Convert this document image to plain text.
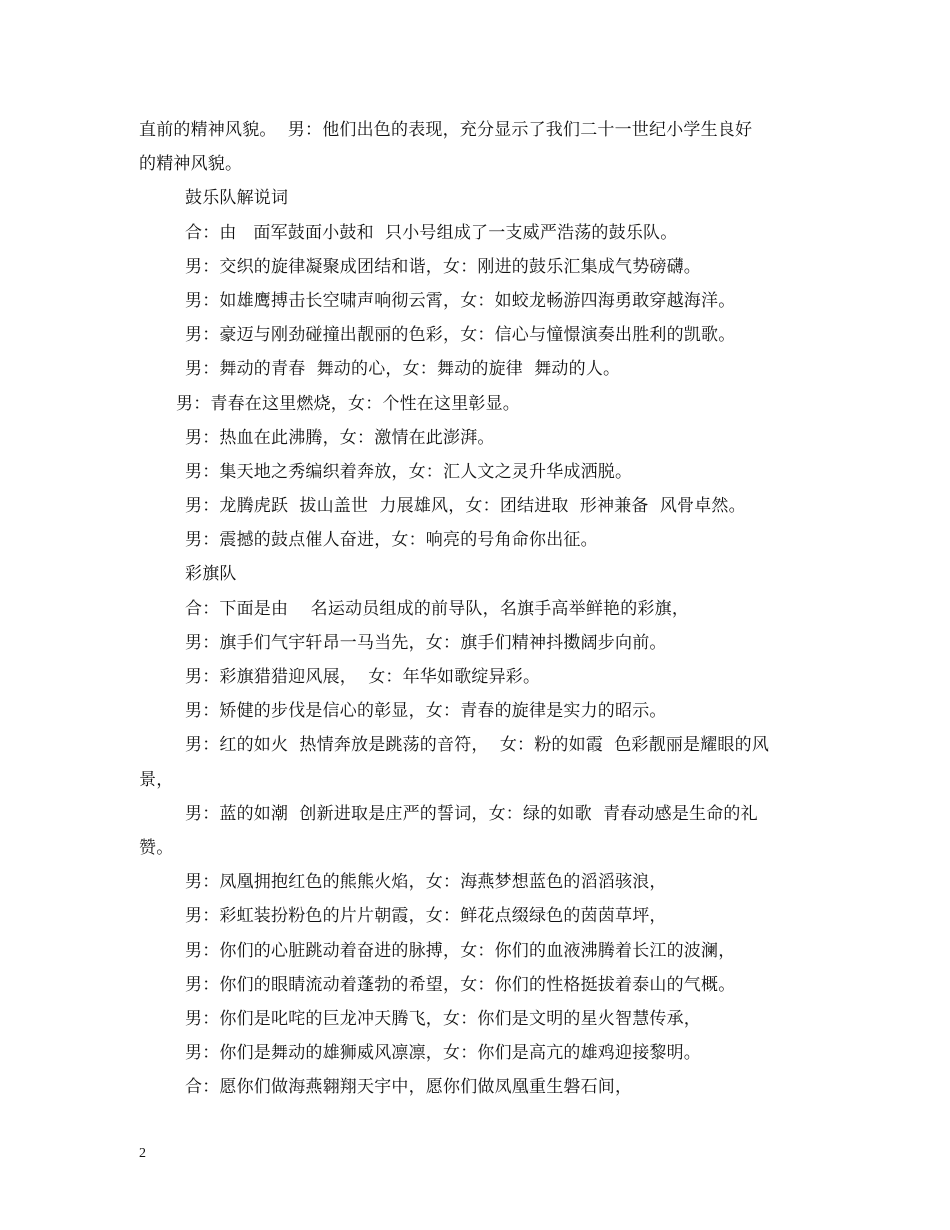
直前的精神风貌。  男：他们出色的表现，充分显示了我们二十一世纪小学生良好
的精神风貌。
鼓乐队解说词
合：由   面军鼓面小鼓和  只小号组成了一支威严浩荡的鼓乐队。
男：交织的旋律凝聚成团结和谐，女：刚进的鼓乐汇集成气势磅礴。
男：如雄鹰搏击长空啸声响彻云霄，女：如蛟龙畅游四海勇敢穿越海洋。
男：豪迈与刚劲碰撞出靓丽的色彩，女：信心与憧憬演奏出胜利的凯歌。
男：舞动的青春  舞动的心，女：舞动的旋律  舞动的人。
男：青春在这里燃烧，女：个性在这里彰显。
男：热血在此沸腾，女：激情在此澎湃。
男：集天地之秀编织着奔放，女：汇人文之灵升华成洒脱。
男：龙腾虎跃  拔山盖世  力展雄风，女：团结进取  形神兼备  风骨卓然。
男：震撼的鼓点催人奋进，女：响亮的号角命你出征。
彩旗队
合：下面是由    名运动员组成的前导队，名旗手高举鲜艳的彩旗，
男：旗手们气宇轩昂一马当先，女：旗手们精神抖擞阔步向前。
男：彩旗猎猎迎风展，  女：年华如歌绽异彩。
男：矫健的步伐是信心的彰显，女：青春的旋律是实力的昭示。
男：红的如火  热情奔放是跳荡的音符，  女：粉的如霞  色彩靓丽是耀眼的风
景，
男：蓝的如潮  创新进取是庄严的誓词，女：绿的如歌  青春动感是生命的礼
赞。
男：凤凰拥抱红色的熊熊火焰，女：海燕梦想蓝色的滔滔骇浪，
男：彩虹装扮粉色的片片朝霞，女：鲜花点缀绿色的茵茵草坪，
男：你们的心脏跳动着奋进的脉搏，女：你们的血液沸腾着长江的波澜，
男：你们的眼睛流动着蓬勃的希望，女：你们的性格挺拔着泰山的气概。
男：你们是叱咤的巨龙冲天腾飞，女：你们是文明的星火智慧传承，
男：你们是舞动的雄狮威风凛凛，女：你们是高亢的雄鸡迎接黎明。
合：愿你们做海燕翱翔天宇中，愿你们做凤凰重生磐石间，
2
